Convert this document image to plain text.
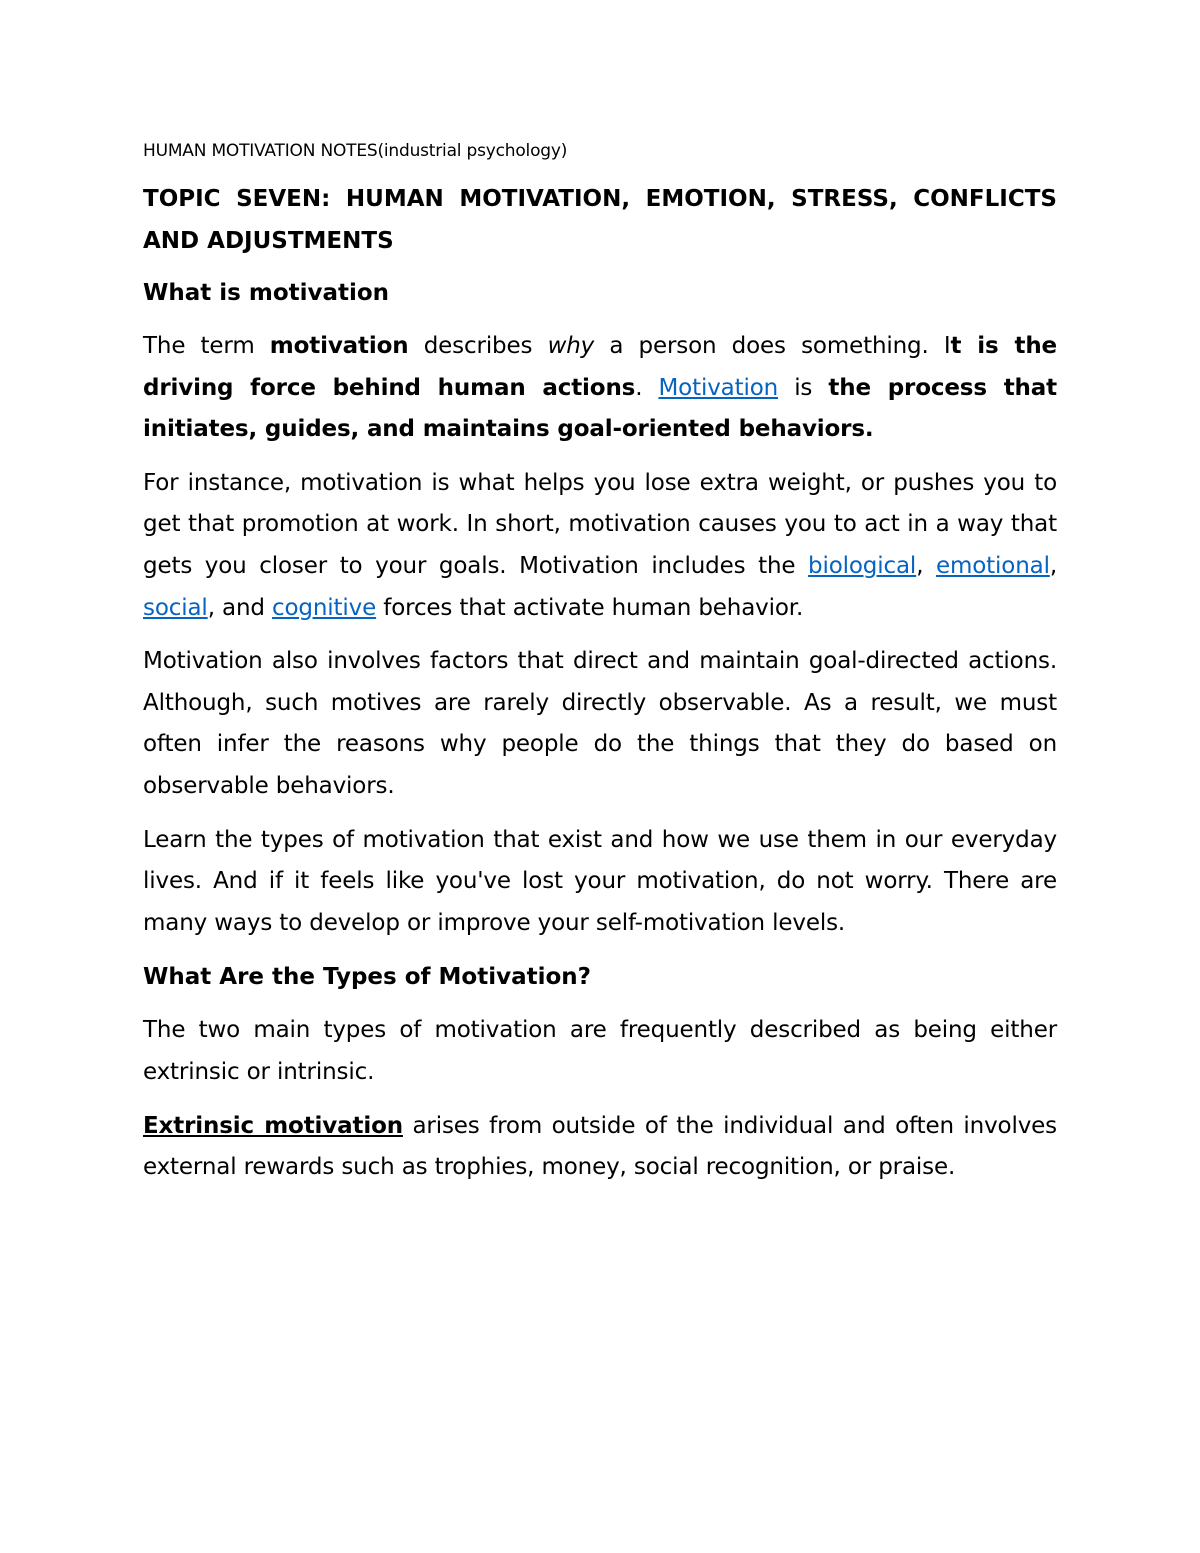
HUMAN MOTIVATION NOTES(industrial psychology)
TOPIC SEVEN: HUMAN MOTIVATION, EMOTION, STRESS, CONFLICTS AND ADJUSTMENTS
What is motivation

The term motivation describes why a person does something. It is the driving force behind human actions. Motivation is the process that initiates, guides, and maintains goal-oriented behaviors.

For instance, motivation is what helps you lose extra weight, or pushes you to get that promotion at work. In short, motivation causes you to act in a way that gets you closer to your goals. Motivation includes the biological, emotional, social, and cognitive forces that activate human behavior.

Motivation also involves factors that direct and maintain goal-directed actions. Although, such motives are rarely directly observable. As a result, we must often infer the reasons why people do the things that they do based on observable behaviors.

Learn the types of motivation that exist and how we use them in our everyday lives. And if it feels like you've lost your motivation, do not worry. There are many ways to develop or improve your self-motivation levels.

What Are the Types of Motivation?

The two main types of motivation are frequently described as being either extrinsic or intrinsic.

Extrinsic motivation arises from outside of the individual and often involves external rewards such as trophies, money, social recognition, or praise.
